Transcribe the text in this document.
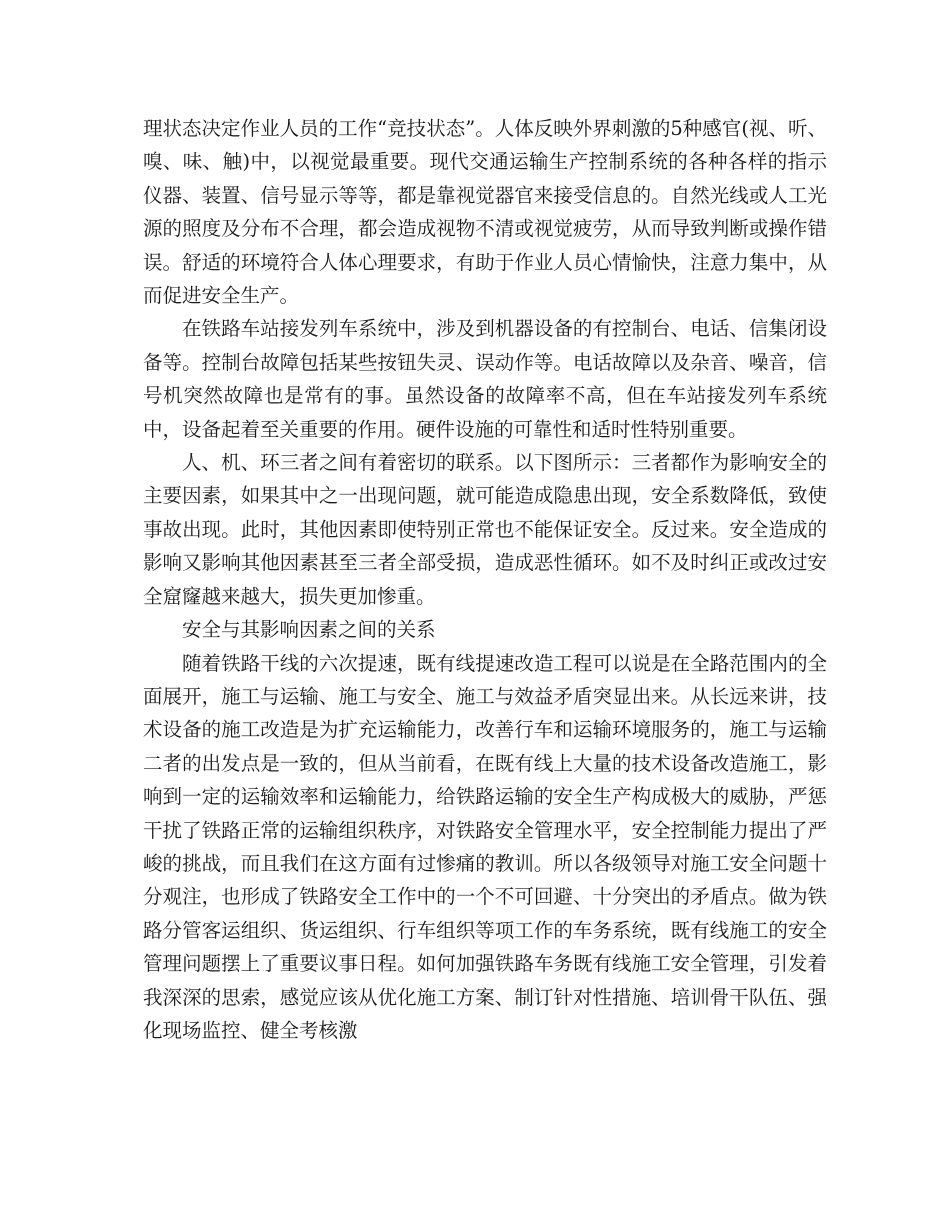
理状态决定作业人员的工作“竞技状态”。人体反映外界刺激的5种感官(视、听、嗅、味、触)中，以视觉最重要。现代交通运输生产控制系统的各种各样的指示仪器、装置、信号显示等等，都是靠视觉器官来接受信息的。自然光线或人工光源的照度及分布不合理，都会造成视物不清或视觉疲劳，从而导致判断或操作错误。舒适的环境符合人体心理要求，有助于作业人员心情愉快，注意力集中，从而促进安全生产。

在铁路车站接发列车系统中，涉及到机器设备的有控制台、电话、信集闭设备等。控制台故障包括某些按钮失灵、误动作等。电话故障以及杂音、噪音，信号机突然故障也是常有的事。虽然设备的故障率不高，但在车站接发列车系统中，设备起着至关重要的作用。硬件设施的可靠性和适时性特别重要。

人、机、环三者之间有着密切的联系。以下图所示：三者都作为影响安全的主要因素，如果其中之一出现问题，就可能造成隐患出现，安全系数降低，致使事故出现。此时，其他因素即使特别正常也不能保证安全。反过来。安全造成的影响又影响其他因素甚至三者全部受损，造成恶性循环。如不及时纠正或改过安全窟窿越来越大，损失更加惨重。

安全与其影响因素之间的关系

随着铁路干线的六次提速，既有线提速改造工程可以说是在全路范围内的全面展开，施工与运输、施工与安全、施工与效益矛盾突显出来。从长远来讲，技术设备的施工改造是为扩充运输能力，改善行车和运输环境服务的，施工与运输二者的出发点是一致的，但从当前看，在既有线上大量的技术设备改造施工，影响到一定的运输效率和运输能力，给铁路运输的安全生产构成极大的威胁，严惩干扰了铁路正常的运输组织秩序，对铁路安全管理水平，安全控制能力提出了严峻的挑战，而且我们在这方面有过惨痛的教训。所以各级领导对施工安全问题十分观注，也形成了铁路安全工作中的一个不可回避、十分突出的矛盾点。做为铁路分管客运组织、货运组织、行车组织等项工作的车务系统，既有线施工的安全管理问题摆上了重要议事日程。如何加强铁路车务既有线施工安全管理，引发着我深深的思索，感觉应该从优化施工方案、制订针对性措施、培训骨干队伍、强化现场监控、健全考核激
